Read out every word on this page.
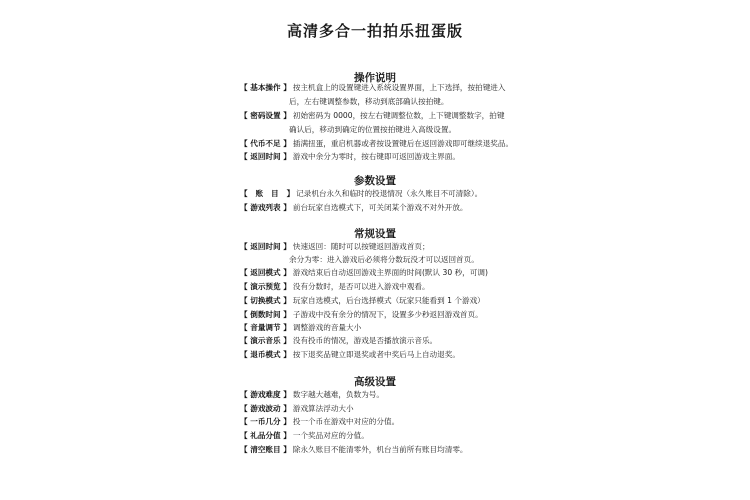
高清多合一拍拍乐扭蛋版
操作说明
【 基本操作 】 按主机盒上的设置键进入系统设置界面，上下选择，按拍键进入
后，左右键调整参数，移动到底部确认按拍键。
【 密码设置 】 初始密码为 0000，按左右键调整位数，上下键调整数字，拍键
确认后，移动到确定的位置按拍键进入高级设置。
【 代币不足 】 插满扭蛋，重启机器或者按设置键后在返回游戏即可继续退奖品。
【 返回时间 】 游戏中余分为零时，按右键即可返回游戏主界面。
参数设置
【   账   目   】 记录机台永久和临时的投退情况（永久账目不可清除）。
【 游戏列表 】 前台玩家自选模式下，可关闭某个游戏不对外开放。
常规设置
【 返回时间 】 快速返回：随时可以按键返回游戏首页；
余分为零：进入游戏后必须将分数玩没才可以返回首页。
【 返回模式 】 游戏结束后自动返回游戏主界面的时间(默认 30 秒，可调)
【 演示预览 】 没有分数时，是否可以进入游戏中观看。
【 切换模式 】 玩家自选模式，后台选择模式（玩家只能看到 1 个游戏）
【 倒数时间 】 子游戏中没有余分的情况下，设置多少秒返回游戏首页。
【 音量调节 】 调整游戏的音量大小
【 演示音乐 】 没有投币的情况，游戏是否播放演示音乐。
【 退币模式 】 按下退奖品键立即退奖或者中奖后马上自动退奖。
高级设置
【 游戏难度 】 数字越大越难，负数为号。
【 游戏波动 】 游戏算法浮动大小
【 一币几分 】 投一个币在游戏中对应的分值。
【 礼品分值 】 一个奖品对应的分值。
【 清空账目 】 除永久账目不能清零外，机台当前所有账目均清零。
